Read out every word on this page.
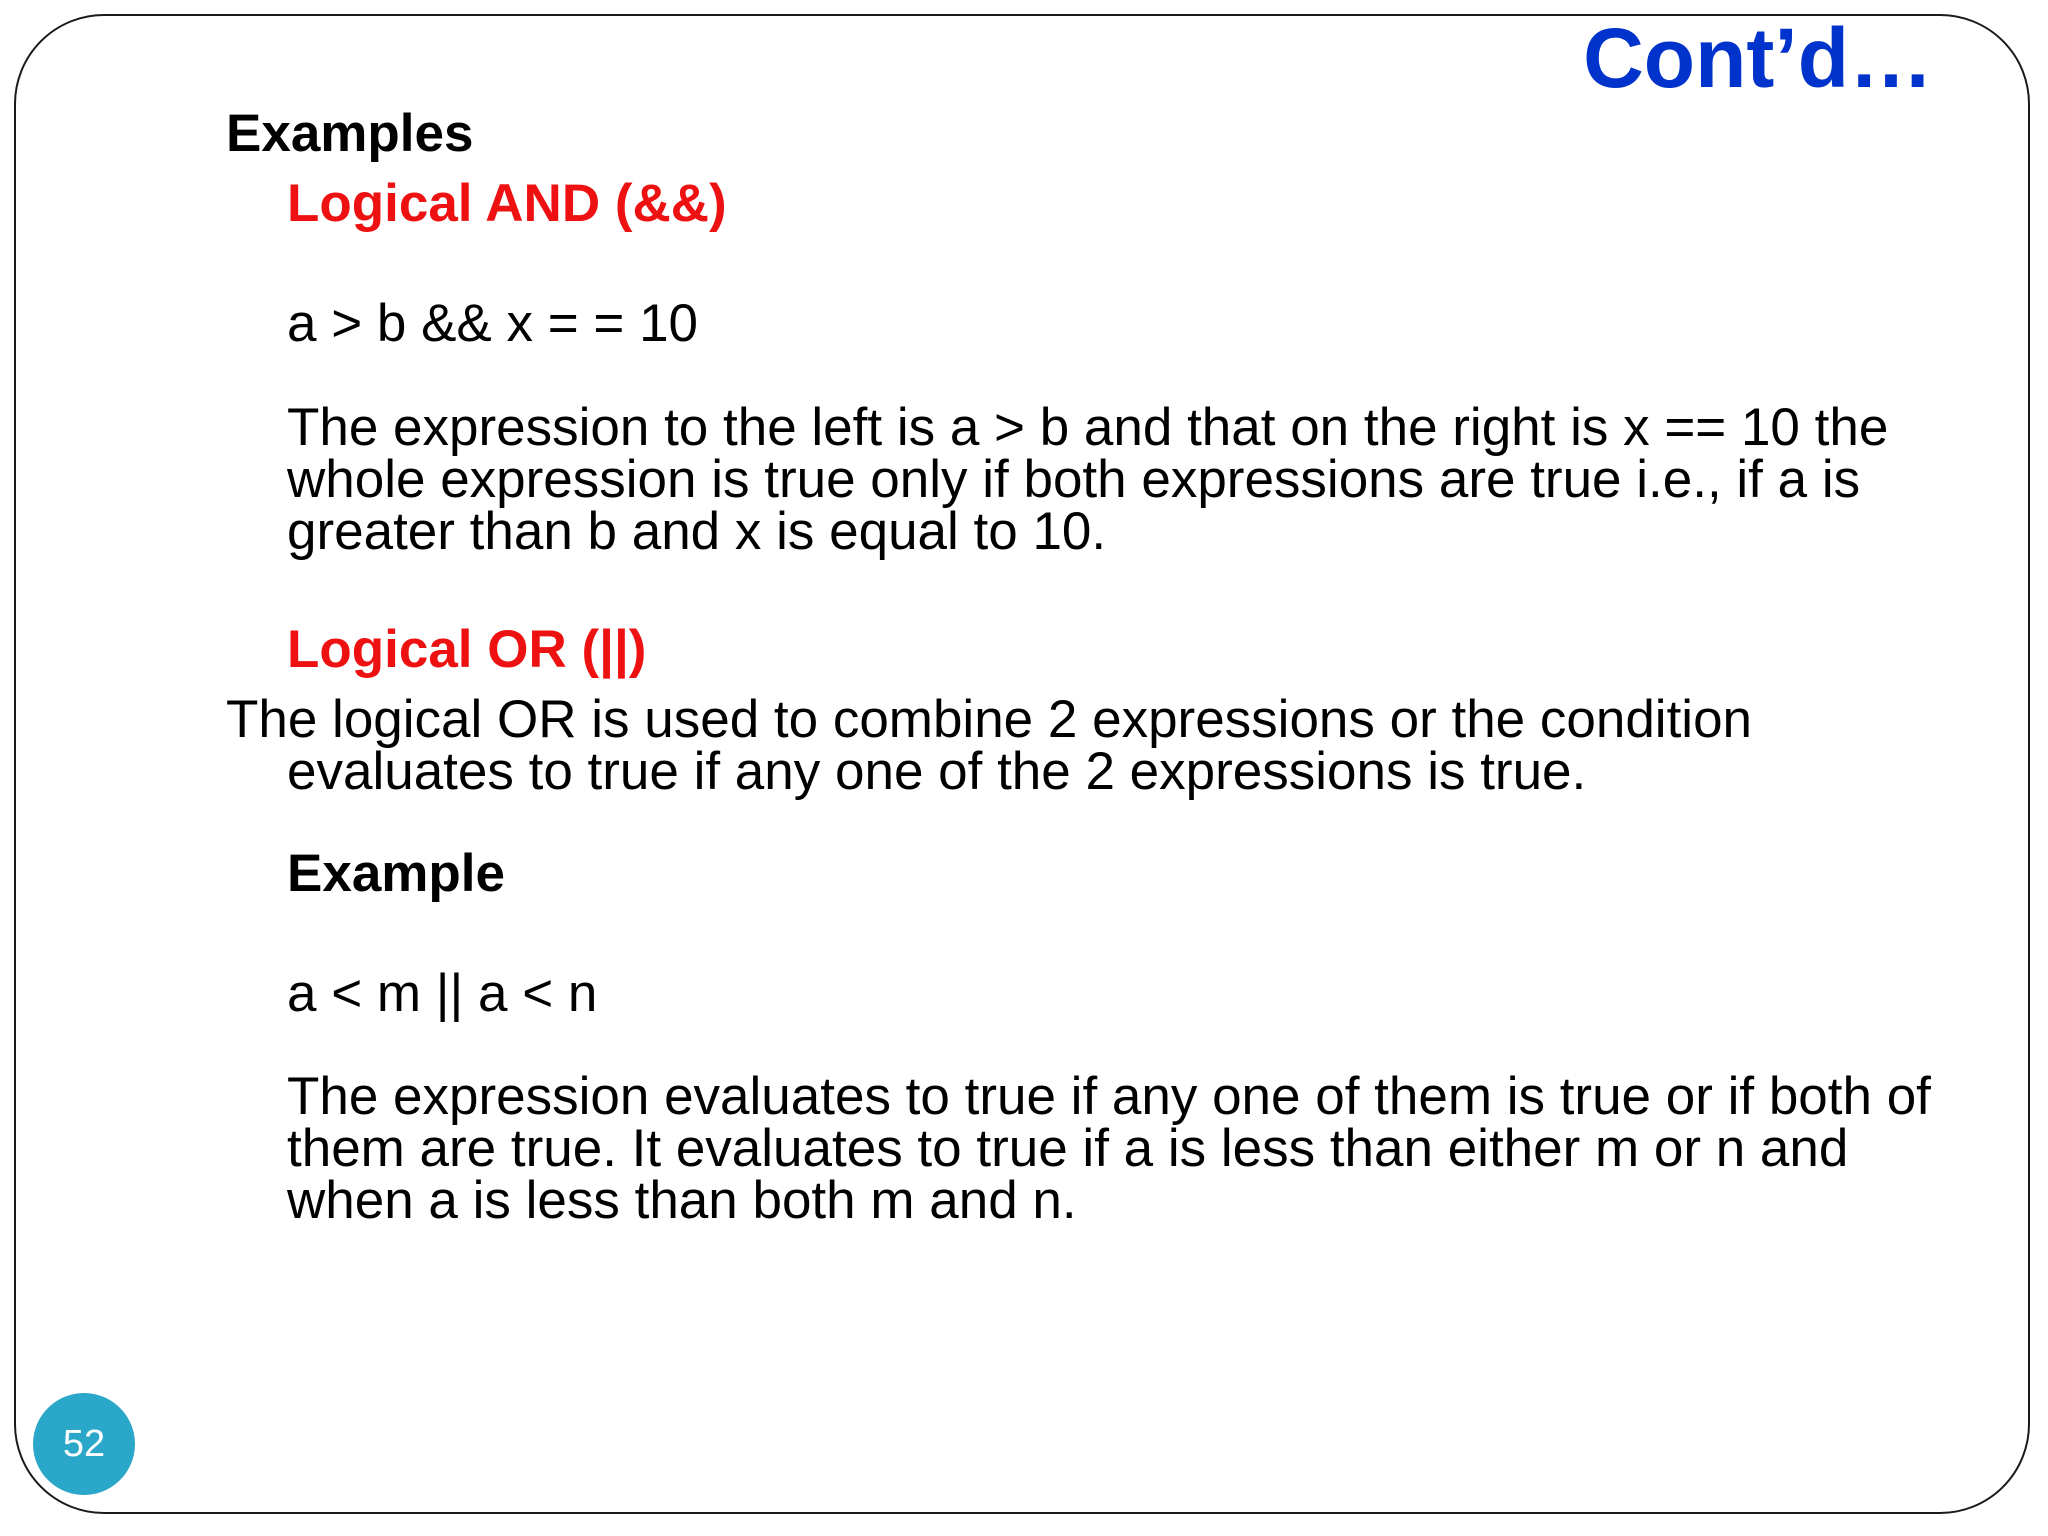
Cont’d…
Examples
Logical AND (&&)
a > b && x = = 10
The expression to the left is a > b and that on the right is x == 10 the whole expression is true only if both expressions are true i.e., if a is greater than b and x is equal to 10.
Logical OR (||)
The logical OR is used to combine 2 expressions or the condition
evaluates to true if any one of the 2 expressions is true.
Example
a < m || a < n
The expression evaluates to true if any one of them is true or if both of them are true. It evaluates to true if a is less than either m or n and when a is less than both m and n.
52
